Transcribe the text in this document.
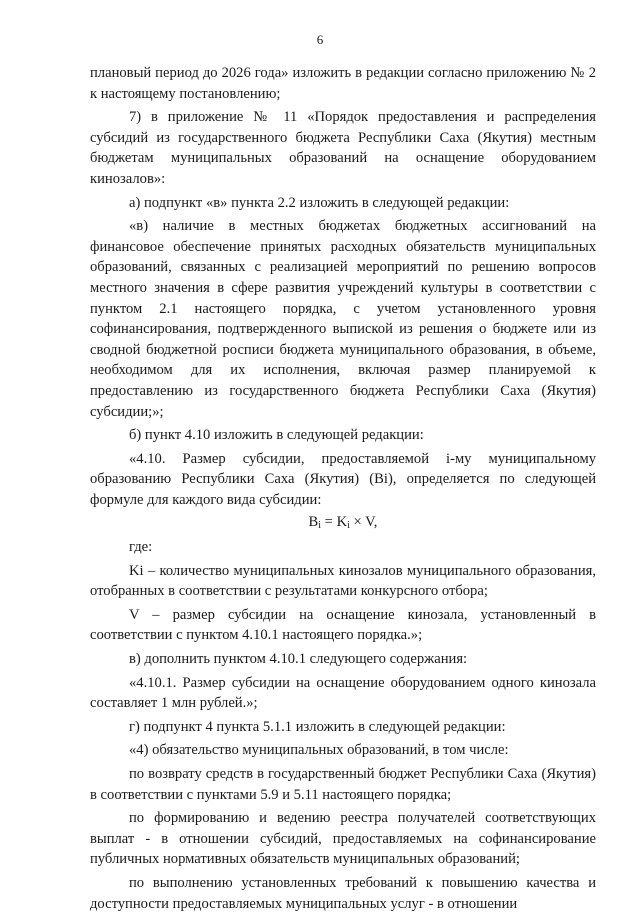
6

плановый период до 2026 года» изложить в редакции согласно приложению № 2 к настоящему постановлению;

7) в приложение № 11 «Порядок предоставления и распределения субсидий из государственного бюджета Республики Саха (Якутия) местным бюджетам муниципальных образований на оснащение оборудованием кинозалов»:

а) подпункт «в» пункта 2.2 изложить в следующей редакции:

«в) наличие в местных бюджетах бюджетных ассигнований на финансовое обеспечение принятых расходных обязательств муниципальных образований, связанных с реализацией мероприятий по решению вопросов местного значения в сфере развития учреждений культуры в соответствии с пунктом 2.1 настоящего порядка, с учетом установленного уровня софинансирования, подтвержденного выпиской из решения о бюджете или из сводной бюджетной росписи бюджета муниципального образования, в объеме, необходимом для их исполнения, включая размер планируемой к предоставлению из государственного бюджета Республики Саха (Якутия) субсидии;»;

б) пункт 4.10 изложить в следующей редакции:

«4.10. Размер субсидии, предоставляемой i-му муниципальному образованию Республики Саха (Якутия) (Bi), определяется по следующей формуле для каждого вида субсидии:

$B_i = K_i \times V$,

где:

Ki – количество муниципальных кинозалов муниципального образования, отобранных в соответствии с результатами конкурсного отбора;

V – размер субсидии на оснащение кинозала, установленный в соответствии с пунктом 4.10.1 настоящего порядка.»;

в) дополнить пунктом 4.10.1 следующего содержания:

«4.10.1. Размер субсидии на оснащение оборудованием одного кинозала составляет 1 млн рублей.»;

г) подпункт 4 пункта 5.1.1 изложить в следующей редакции:

«4) обязательство муниципальных образований, в том числе:

по возврату средств в государственный бюджет Республики Саха (Якутия) в соответствии с пунктами 5.9 и 5.11 настоящего порядка;

по формированию и ведению реестра получателей соответствующих выплат - в отношении субсидий, предоставляемых на софинансирование публичных нормативных обязательств муниципальных образований;

по выполнению установленных требований к повышению качества и доступности предоставляемых муниципальных услуг - в отношении
